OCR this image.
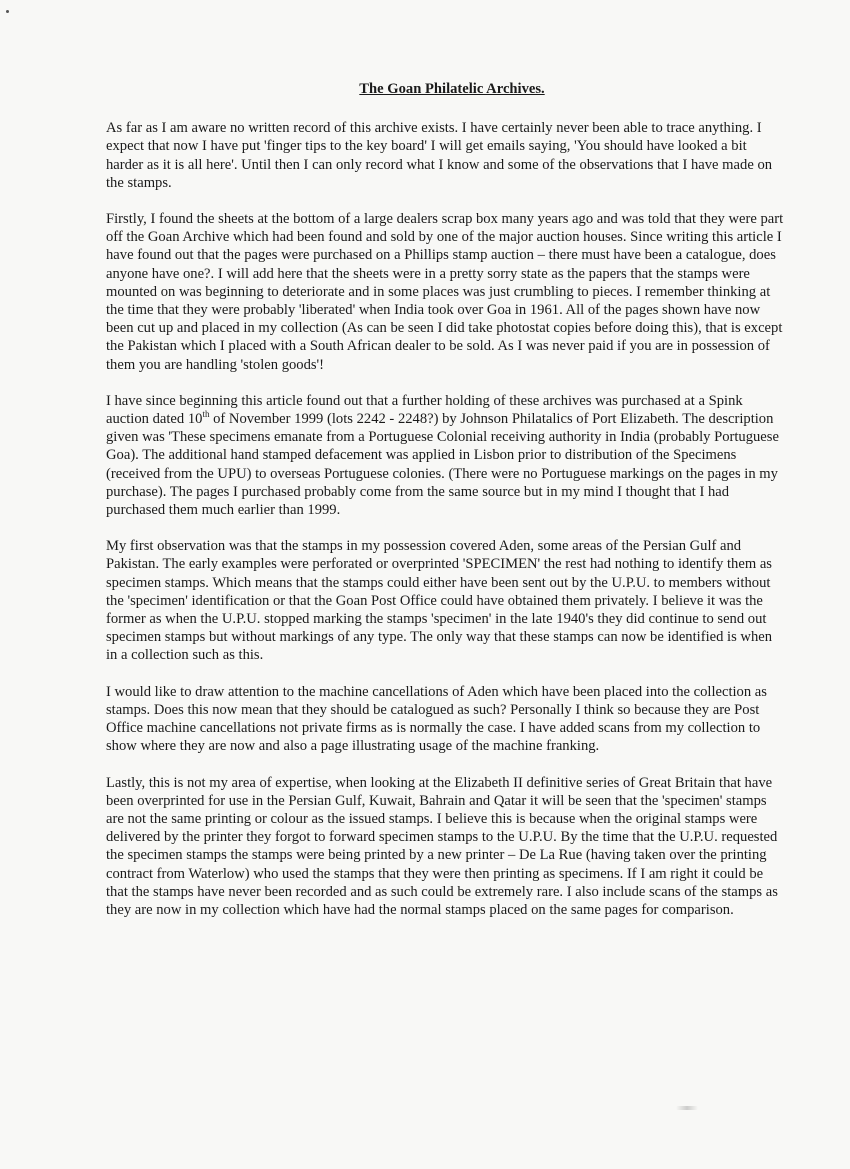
The Goan Philatelic Archives.

As far as I am aware no written record of this archive exists. I have certainly never been able to trace anything. I expect that now I have put 'finger tips to the key board' I will get emails saying, 'You should have looked a bit harder as it is all here'. Until then I can only record what I know and some of the observations that I have made on the stamps.

Firstly, I found the sheets at the bottom of a large dealers scrap box many years ago and was told that they were part off the Goan Archive which had been found and sold by one of the major auction houses. Since writing this article I have found out that the pages were purchased on a Phillips stamp auction – there must have been a catalogue, does anyone have one?. I will add here that the sheets were in a pretty sorry state as the papers that the stamps were mounted on was beginning to deteriorate and in some places was just crumbling to pieces. I remember thinking at the time that they were probably 'liberated' when India took over Goa in 1961. All of the pages shown have now been cut up and placed in my collection (As can be seen I did take photostat copies before doing this), that is except the Pakistan which I placed with a South African dealer to be sold. As I was never paid if you are in possession of them you are handling 'stolen goods'!

I have since beginning this article found out that a further holding of these archives was purchased at a Spink auction dated 10th of November 1999 (lots 2242 - 2248?) by Johnson Philatalics of Port Elizabeth. The description given was 'These specimens emanate from a Portuguese Colonial receiving authority in India (probably Portuguese Goa). The additional hand stamped defacement was applied in Lisbon prior to distribution of the Specimens (received from the UPU) to overseas Portuguese colonies. (There were no Portuguese markings on the pages in my purchase). The pages I purchased probably come from the same source but in my mind I thought that I had purchased them much earlier than 1999.

My first observation was that the stamps in my possession covered Aden, some areas of the Persian Gulf and Pakistan. The early examples were perforated or overprinted 'SPECIMEN' the rest had nothing to identify them as specimen stamps. Which means that the stamps could either have been sent out by the U.P.U. to members without the 'specimen' identification or that the Goan Post Office could have obtained them privately. I believe it was the former as when the U.P.U. stopped marking the stamps 'specimen' in the late 1940's they did continue to send out specimen stamps but without markings of any type. The only way that these stamps can now be identified is when in a collection such as this.

I would like to draw attention to the machine cancellations of Aden which have been placed into the collection as stamps. Does this now mean that they should be catalogued as such? Personally I think so because they are Post Office machine cancellations not private firms as is normally the case. I have added scans from my collection to show where they are now and also a page illustrating usage of the machine franking.

Lastly, this is not my area of expertise, when looking at the Elizabeth II definitive series of Great Britain that have been overprinted for use in the Persian Gulf, Kuwait, Bahrain and Qatar it will be seen that the 'specimen' stamps are not the same printing or colour as the issued stamps. I believe this is because when the original stamps were delivered by the printer they forgot to forward specimen stamps to the U.P.U. By the time that the U.P.U. requested the specimen stamps the stamps were being printed by a new printer – De La Rue (having taken over the printing contract from Waterlow) who used the stamps that they were then printing as specimens. If I am right it could be that the stamps have never been recorded and as such could be extremely rare. I also include scans of the stamps as they are now in my collection which have had the normal stamps placed on the same pages for comparison.
